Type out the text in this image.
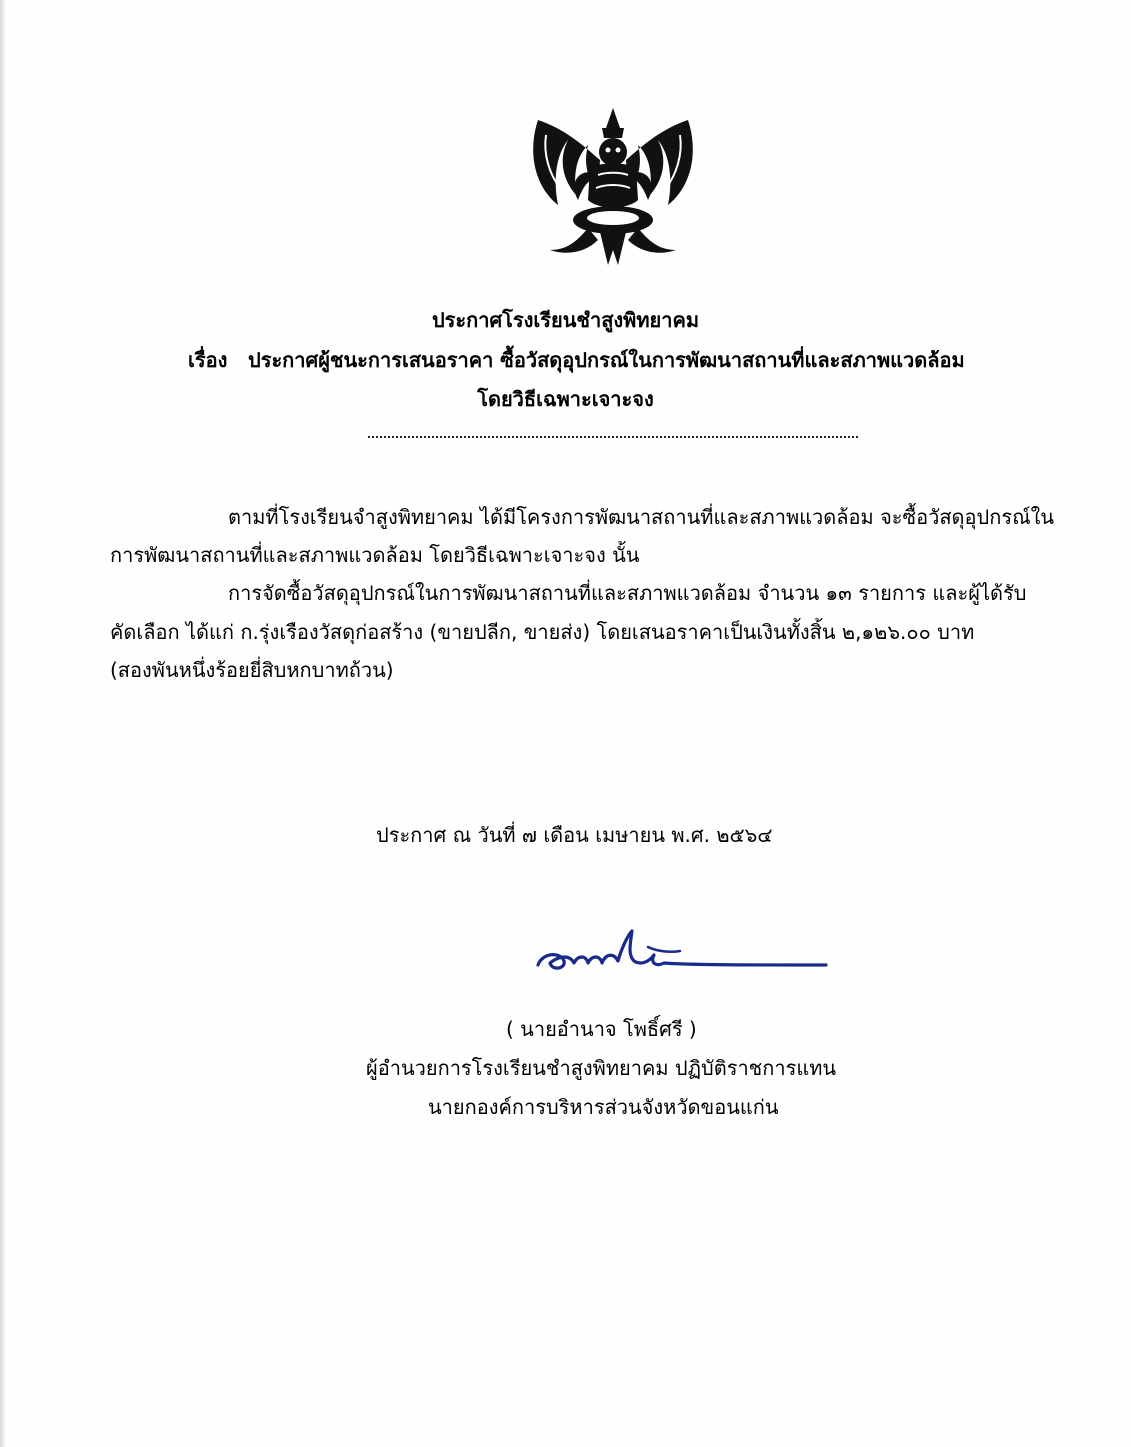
ประกาศโรงเรียนชำสูงพิทยาคม
เรื่อง ประกาศผู้ชนะการเสนอราคา ซื้อวัสดุอุปกรณ์ในการพัฒนาสถานที่และสภาพแวดล้อม
โดยวิธีเฉพาะเจาะจง
ตามที่โรงเรียนจำสูงพิทยาคม ได้มีโครงการพัฒนาสถานที่และสภาพแวดล้อม จะซื้อวัสดุอุปกรณ์ใน
การพัฒนาสถานที่และสภาพแวดล้อม โดยวิธีเฉพาะเจาะจง นั้น
การจัดซื้อวัสดุอุปกรณ์ในการพัฒนาสถานที่และสภาพแวดล้อม จำนวน ๑๓ รายการ และผู้ได้รับ
คัดเลือก ได้แก่ ก.รุ่งเรืองวัสดุก่อสร้าง (ขายปลีก, ขายส่ง) โดยเสนอราคาเป็นเงินทั้งสิ้น ๒,๑๒๖.๐๐ บาท
(สองพันหนึ่งร้อยยี่สิบหกบาทถ้วน)
ประกาศ ณ วันที่ ๗ เดือน เมษายน พ.ศ. ๒๕๖๔
( นายอำนาจ โพธิ์ศรี )
ผู้อำนวยการโรงเรียนชำสูงพิทยาคม ปฏิบัติราชการแทน
นายกองค์การบริหารส่วนจังหวัดขอนแก่น
